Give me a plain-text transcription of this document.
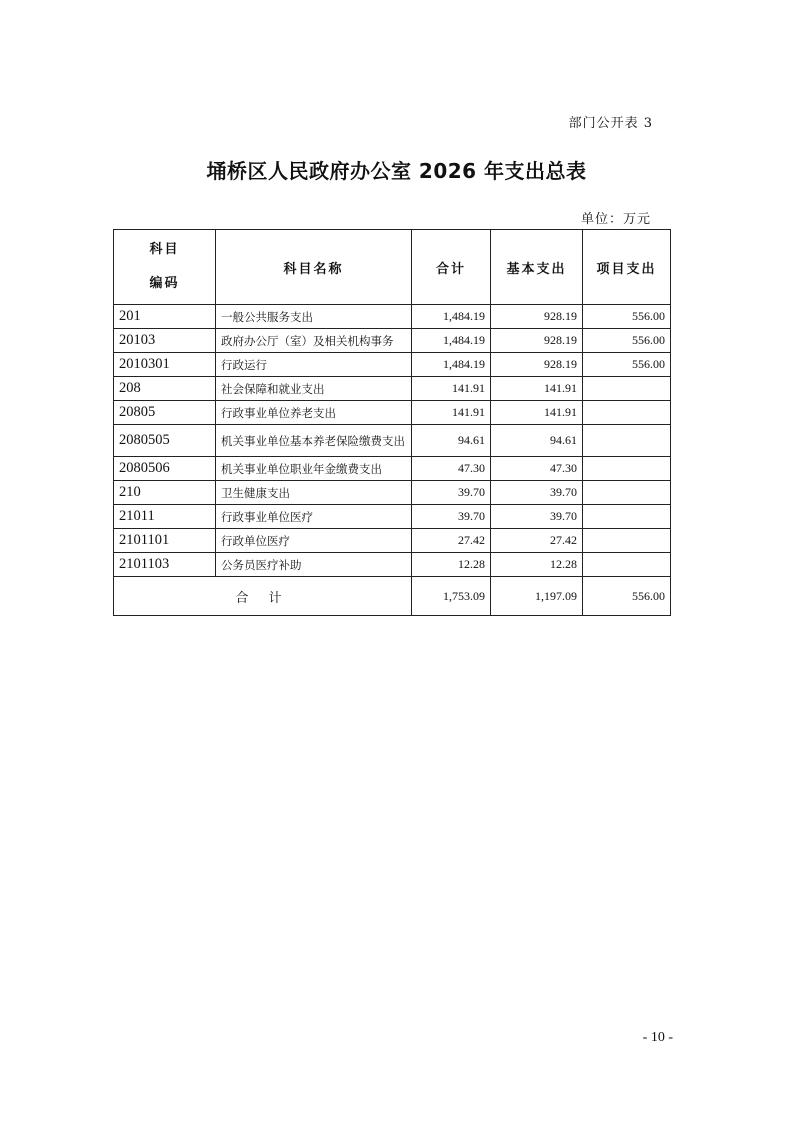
部门公开表 3
埇桥区人民政府办公室 2026 年支出总表
单位：万元
科目
编码	科目名称	合计	基本支出	项目支出
201	一般公共服务支出	1,484.19	928.19	556.00
20103	政府办公厅（室）及相关机构事务	1,484.19	928.19	556.00
2010301	行政运行	1,484.19	928.19	556.00
208	社会保障和就业支出	141.91	141.91	
20805	行政事业单位养老支出	141.91	141.91	
2080505	机关事业单位基本养老保险缴费支出	94.61	94.61	
2080506	机关事业单位职业年金缴费支出	47.30	47.30	
210	卫生健康支出	39.70	39.70	
21011	行政事业单位医疗	39.70	39.70	
2101101	行政单位医疗	27.42	27.42	
2101103	公务员医疗补助	12.28	12.28	
合 计		1,753.09	1,197.09	556.00
- 10 -
